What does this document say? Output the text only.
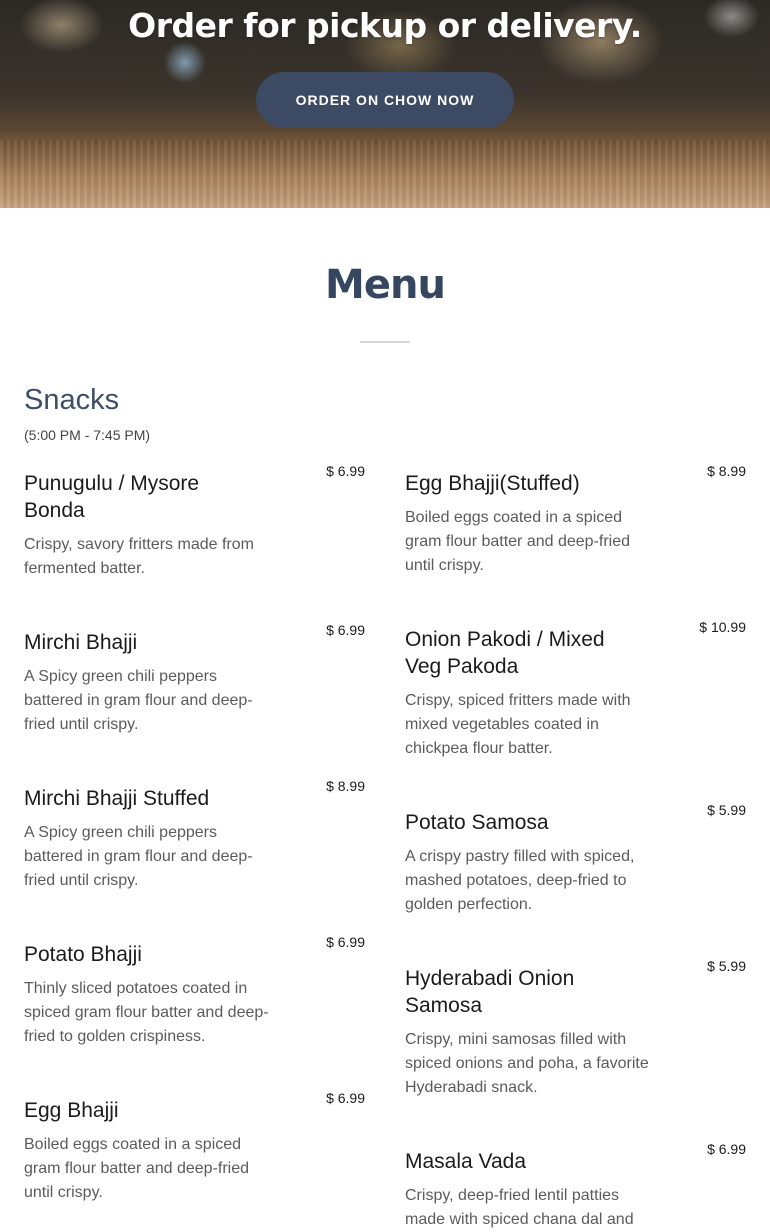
Order for pickup or delivery.
ORDER ON CHOW NOW
Menu
Snacks
(5:00 PM - 7:45 PM)
Punugulu / Mysore Bonda
Crispy, savory fritters made from fermented batter.
$ 6.99
Mirchi Bhajji
A Spicy green chili peppers battered in gram flour and deep-fried until crispy.
$ 6.99
Mirchi Bhajji Stuffed
A Spicy green chili peppers battered in gram flour and deep-fried until crispy.
$ 8.99
Potato Bhajji
Thinly sliced potatoes coated in spiced gram flour batter and deep-fried to golden crispiness.
$ 6.99
Egg Bhajji
Boiled eggs coated in a spiced gram flour batter and deep-fried until crispy.
$ 6.99
Egg Bhajji(Stuffed)
Boiled eggs coated in a spiced gram flour batter and deep-fried until crispy.
$ 8.99
Onion Pakodi / Mixed Veg Pakoda
Crispy, spiced fritters made with mixed vegetables coated in chickpea flour batter.
$ 10.99
Potato Samosa
A crispy pastry filled with spiced, mashed potatoes, deep-fried to golden perfection.
$ 5.99
Hyderabadi Onion Samosa
Crispy, mini samosas filled with spiced onions and poha, a favorite Hyderabadi snack.
$ 5.99
Masala Vada
Crispy, deep-fried lentil patties made with spiced chana dal and
$ 6.99
